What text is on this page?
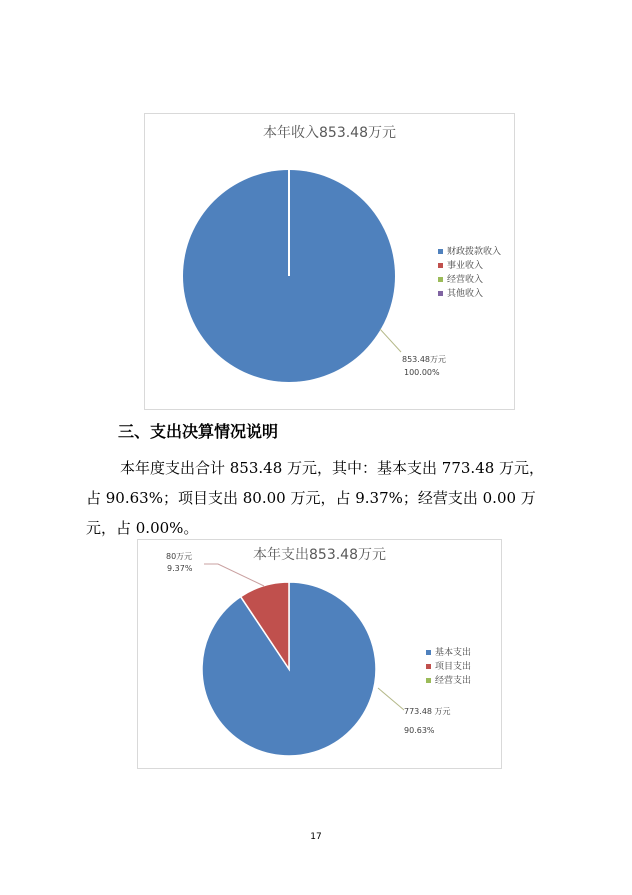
本年收入853.48万元
853.48万元
100.00%
财政拨款收入
事业收入
经营收入
其他收入
三、支出决算情况说明
本年度支出合计 853.48 万元，其中：基本支出 773.48 万元，
占 90.63%；项目支出 80.00 万元，占 9.37%；经营支出 0.00 万
元，占 0.00%。
本年支出853.48万元
773.48 万元
90.63%
80万元
9.37%
基本支出
项目支出
经营支出
17
